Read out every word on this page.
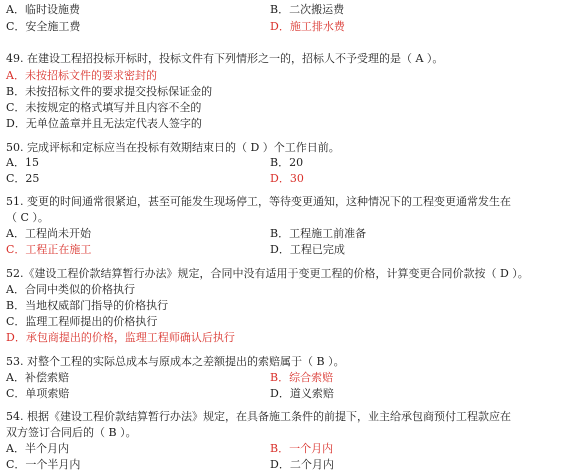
A．临时设施费	B．二次搬运费
C．安全施工费	D．施工排水费
49. 在建设工程招投标开标时，投标文件有下列情形之一的，招标人不予受理的是（ A ）。
A．未按招标文件的要求密封的
B．未按招标文件的要求提交投标保证金的
C．未按规定的格式填写并且内容不全的
D．无单位盖章并且无法定代表人签字的
50. 完成评标和定标应当在投标有效期结束日的（ D ）个工作日前。
A．15	B．20
C．25	D．30
51. 变更的时间通常很紧迫，甚至可能发生现场停工，等待变更通知，这种情况下的工程变更通常发生在
（ C ）。
A．工程尚未开始	B．工程施工前准备
C．工程正在施工	D．工程已完成
52.《建设工程价款结算暂行办法》规定，合同中没有适用于变更工程的价格，计算变更合同价款按（ D ）。
A．合同中类似的价格执行
B．当地权威部门指导的价格执行
C．监理工程师提出的价格执行
D．承包商提出的价格，监理工程师确认后执行
53. 对整个工程的实际总成本与原成本之差额提出的索赔属于（ B ）。
A．补偿索赔	B．综合索赔
C．单项索赔	D．道义索赔
54. 根据《建设工程价款结算暂行办法》规定，在具备施工条件的前提下，业主给承包商预付工程款应在
双方签订合同后的（ B ）。
A．半个月内	B．一个月内
C．一个半月内	D．二个月内
